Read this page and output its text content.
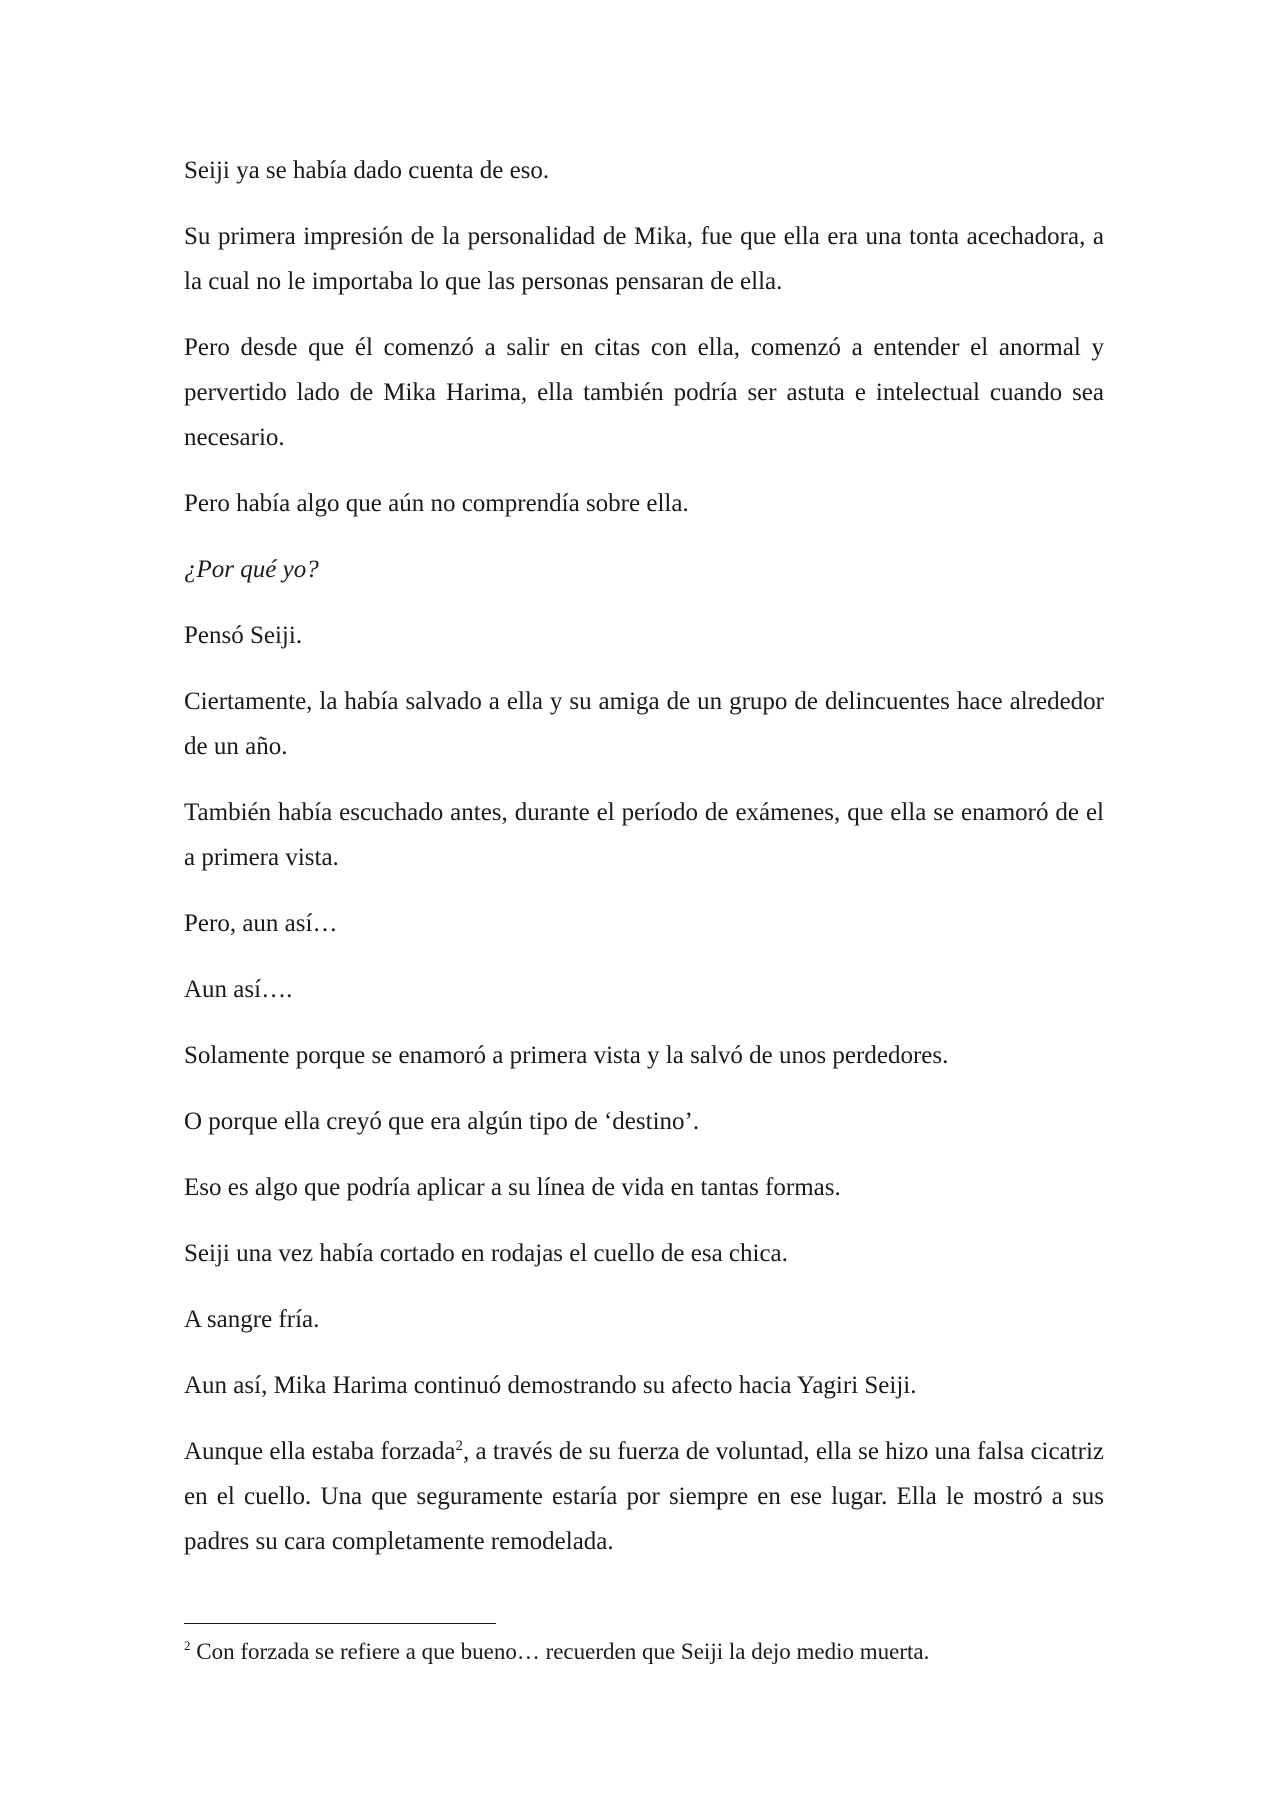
Seiji ya se había dado cuenta de eso.

Su primera impresión de la personalidad de Mika, fue que ella era una tonta acechadora, a la cual no le importaba lo que las personas pensaran de ella.

Pero desde que él comenzó a salir en citas con ella, comenzó a entender el anormal y pervertido lado de Mika Harima, ella también podría ser astuta e intelectual cuando sea necesario.

Pero había algo que aún no comprendía sobre ella.

¿Por qué yo?

Pensó Seiji.

Ciertamente, la había salvado a ella y su amiga de un grupo de delincuentes hace alrededor de un año.

También había escuchado antes, durante el período de exámenes, que ella se enamoró de el a primera vista.

Pero, aun así…

Aun así….

Solamente porque se enamoró a primera vista y la salvó de unos perdedores.

O porque ella creyó que era algún tipo de ‘destino’.

Eso es algo que podría aplicar a su línea de vida en tantas formas.

Seiji una vez había cortado en rodajas el cuello de esa chica.

A sangre fría.

Aun así, Mika Harima continuó demostrando su afecto hacia Yagiri Seiji.

Aunque ella estaba forzada$^2$, a través de su fuerza de voluntad, ella se hizo una falsa cicatriz en el cuello. Una que seguramente estaría por siempre en ese lugar. Ella le mostró a sus padres su cara completamente remodelada.

$^2$ Con forzada se refiere a que bueno… recuerden que Seiji la dejo medio muerta.
